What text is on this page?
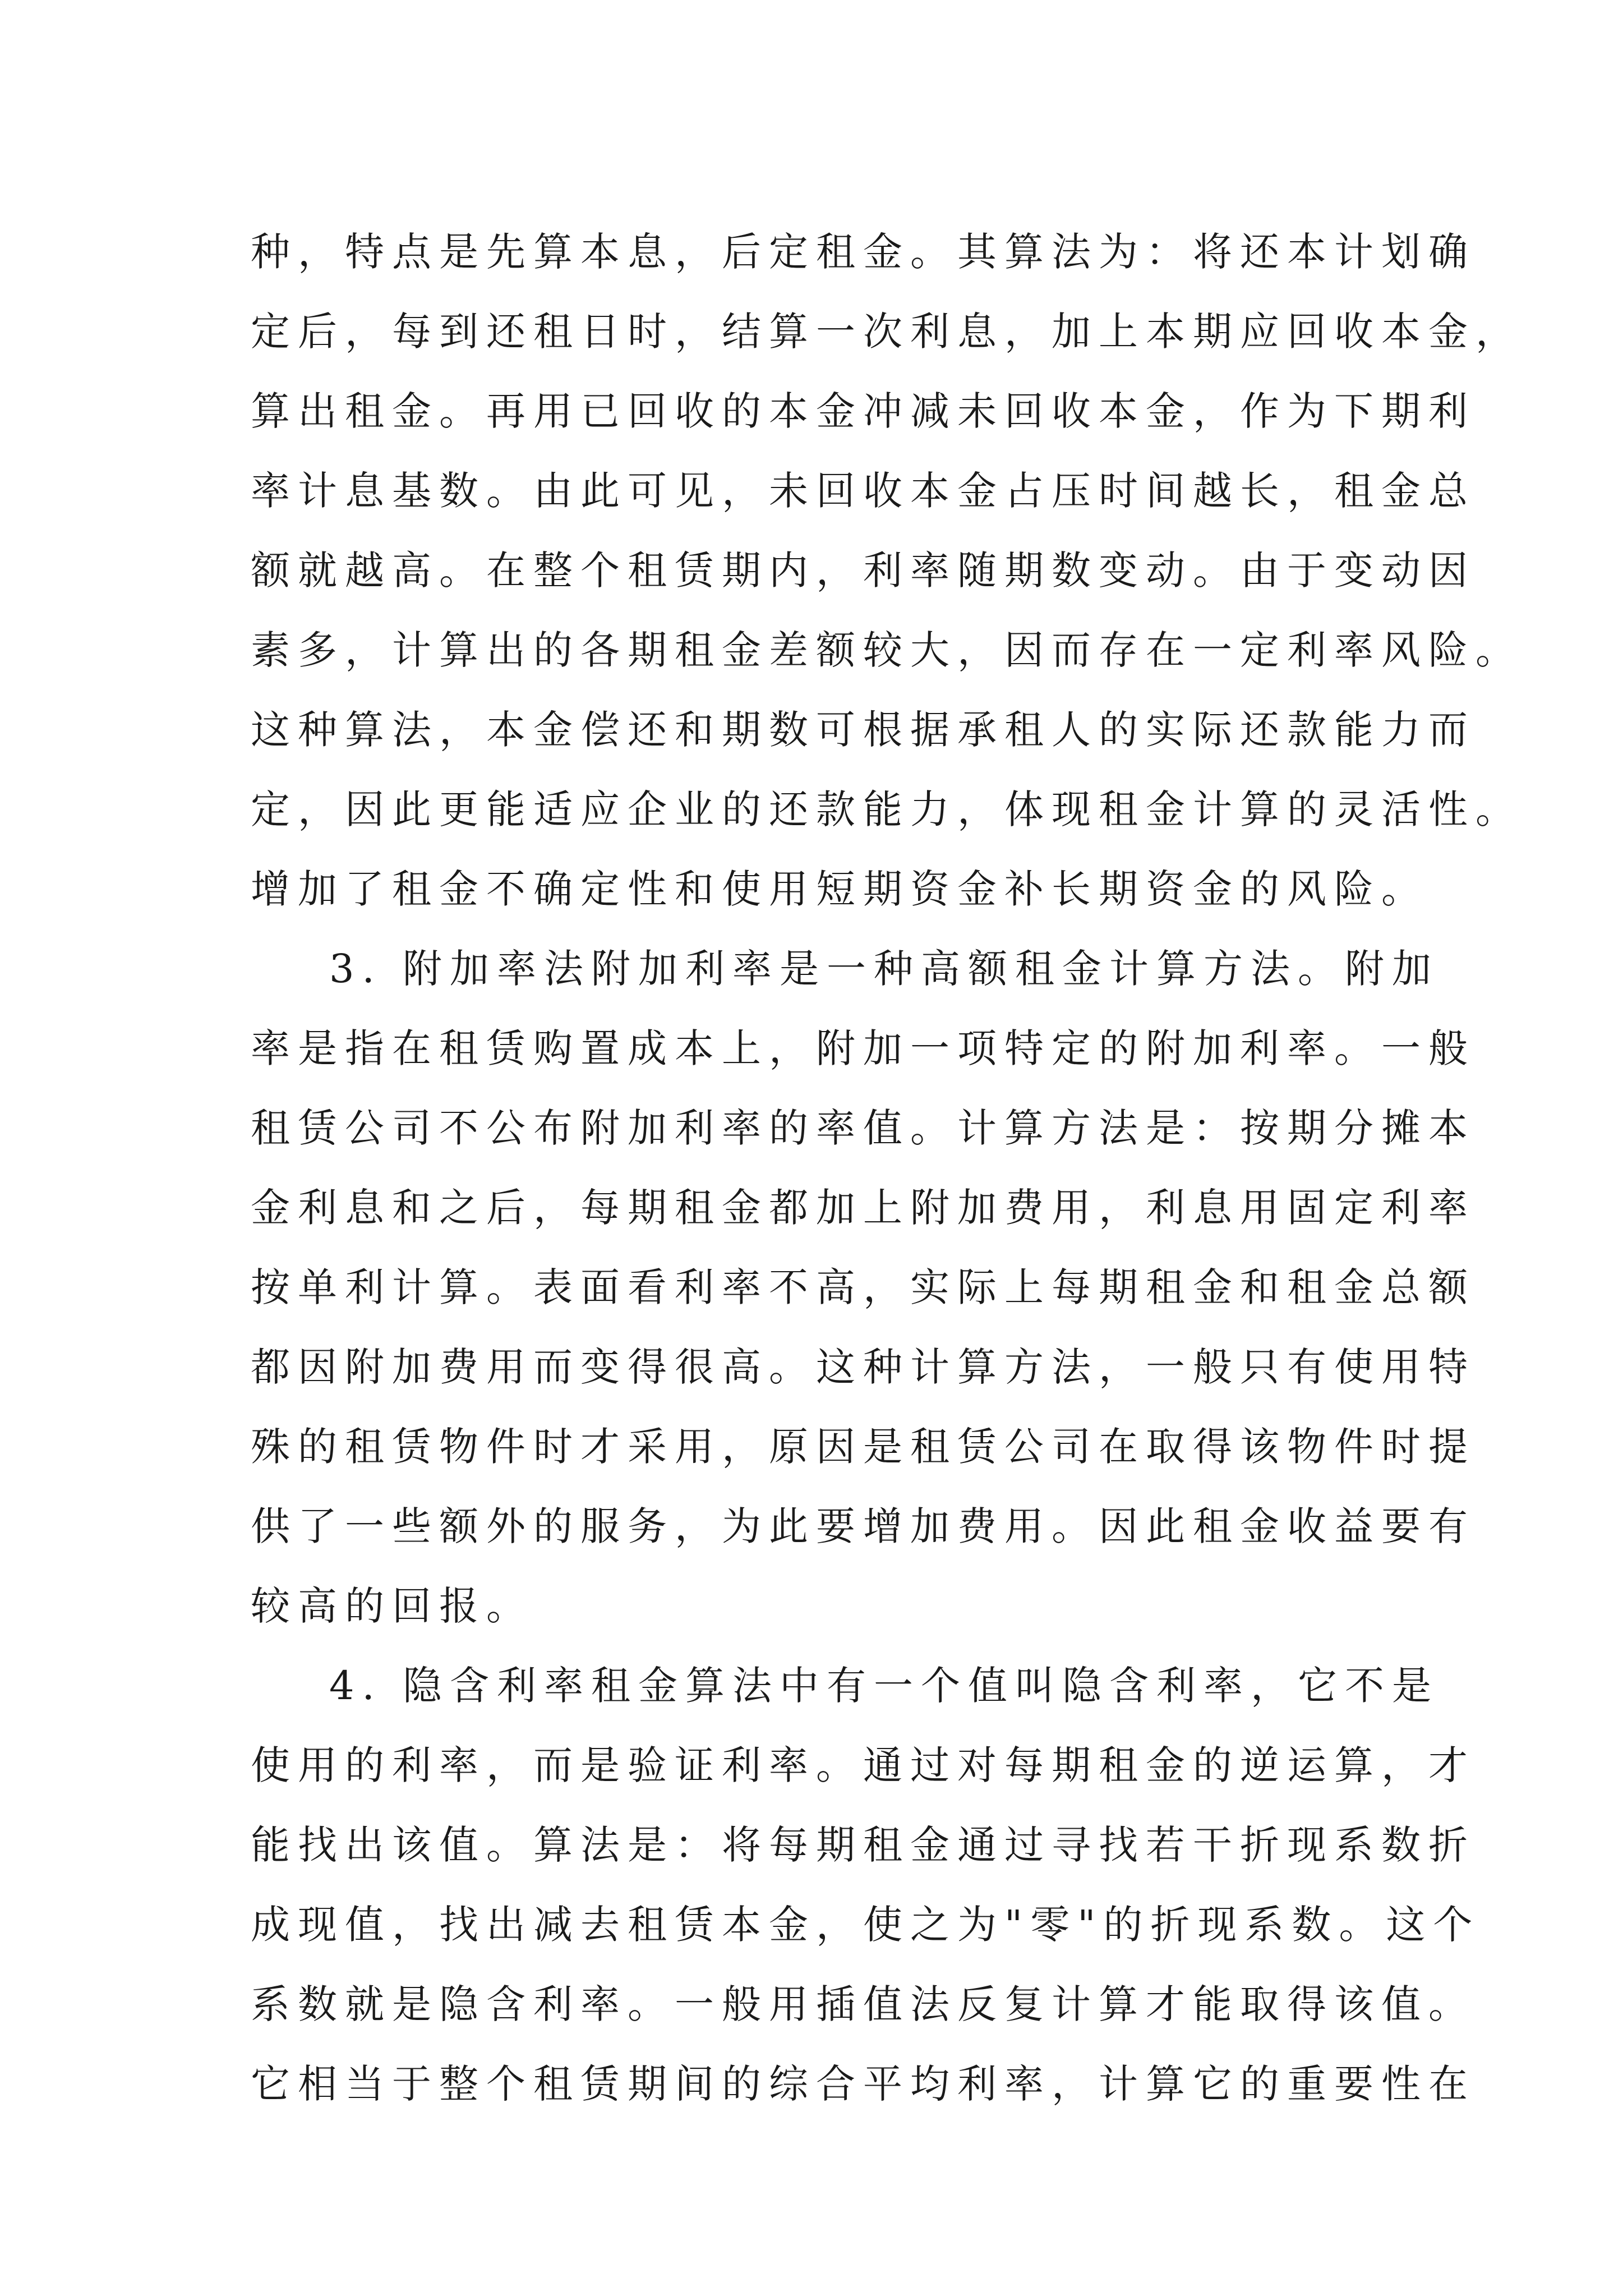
种，特点是先算本息，后定租金。其算法为：将还本计划确
定后，每到还租日时，结算一次利息，加上本期应回收本金，
算出租金。再用已回收的本金冲减未回收本金，作为下期利
率计息基数。由此可见，未回收本金占压时间越长，租金总
额就越高。在整个租赁期内，利率随期数变动。由于变动因
素多，计算出的各期租金差额较大，因而存在一定利率风险。
这种算法，本金偿还和期数可根据承租人的实际还款能力而
定，因此更能适应企业的还款能力，体现租金计算的灵活性。
增加了租金不确定性和使用短期资金补长期资金的风险。
3. 附加率法附加利率是一种高额租金计算方法。附加
率是指在租赁购置成本上，附加一项特定的附加利率。一般
租赁公司不公布附加利率的率值。计算方法是：按期分摊本
金利息和之后，每期租金都加上附加费用，利息用固定利率
按单利计算。表面看利率不高，实际上每期租金和租金总额
都因附加费用而变得很高。这种计算方法，一般只有使用特
殊的租赁物件时才采用，原因是租赁公司在取得该物件时提
供了一些额外的服务，为此要增加费用。因此租金收益要有
较高的回报。
4. 隐含利率租金算法中有一个值叫隐含利率，它不是
使用的利率，而是验证利率。通过对每期租金的逆运算，才
能找出该值。算法是：将每期租金通过寻找若干折现系数折
成现值，找出减去租赁本金，使之为"零"的折现系数。这个
系数就是隐含利率。一般用插值法反复计算才能取得该值。
它相当于整个租赁期间的综合平均利率，计算它的重要性在
